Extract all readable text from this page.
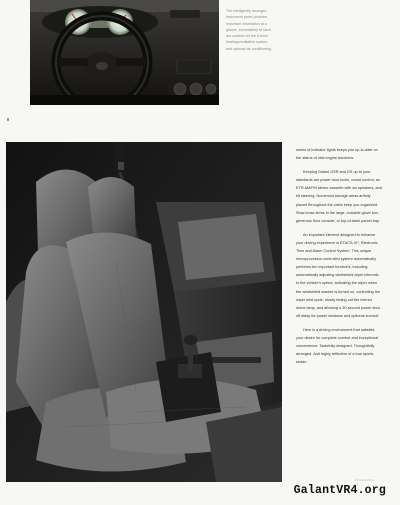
The intelligently arranged
instrument panel provides
important information at a
glance. Immediately at hand
are controls for the 6-level
heating/ventilation system
and optional air conditioning.

series of indicator lights keeps you up-to-date on the status of vital engine functions.

Keeping Galant GSR and GS up to your standards are power door locks, cruise control, an ETR AM/FM stereo cassette with six speakers, and tilt steering. Numerous storage areas artfully placed throughout the cabin keep you organized. Stow loose items in the large, lockable glove box, generous floor console, or top-of-dash parcel tray.

An important element designed to enhance your driving experience is ETACS-IV*, Electronic Time and Alarm Control System. This unique microprocessor-controlled system automatically performs ten important functions, including automatically adjusting windshield wiper intervals to the vehicle's speed, activating the wiper when the windshield washer is turned on, controlling the wiper mist cycle, slowly fading out the interior dome lamp, and allowing a 30-second power shut-off delay for power windows and optional sunroof.

Here is a driving environment that satisfies your desire for complete comfort and exceptional convenience. Tastefully designed. Thoughtfully arranged. And highly reflective of a true sports sedan.

Mitsubishi Motors
GalantVR4.org
